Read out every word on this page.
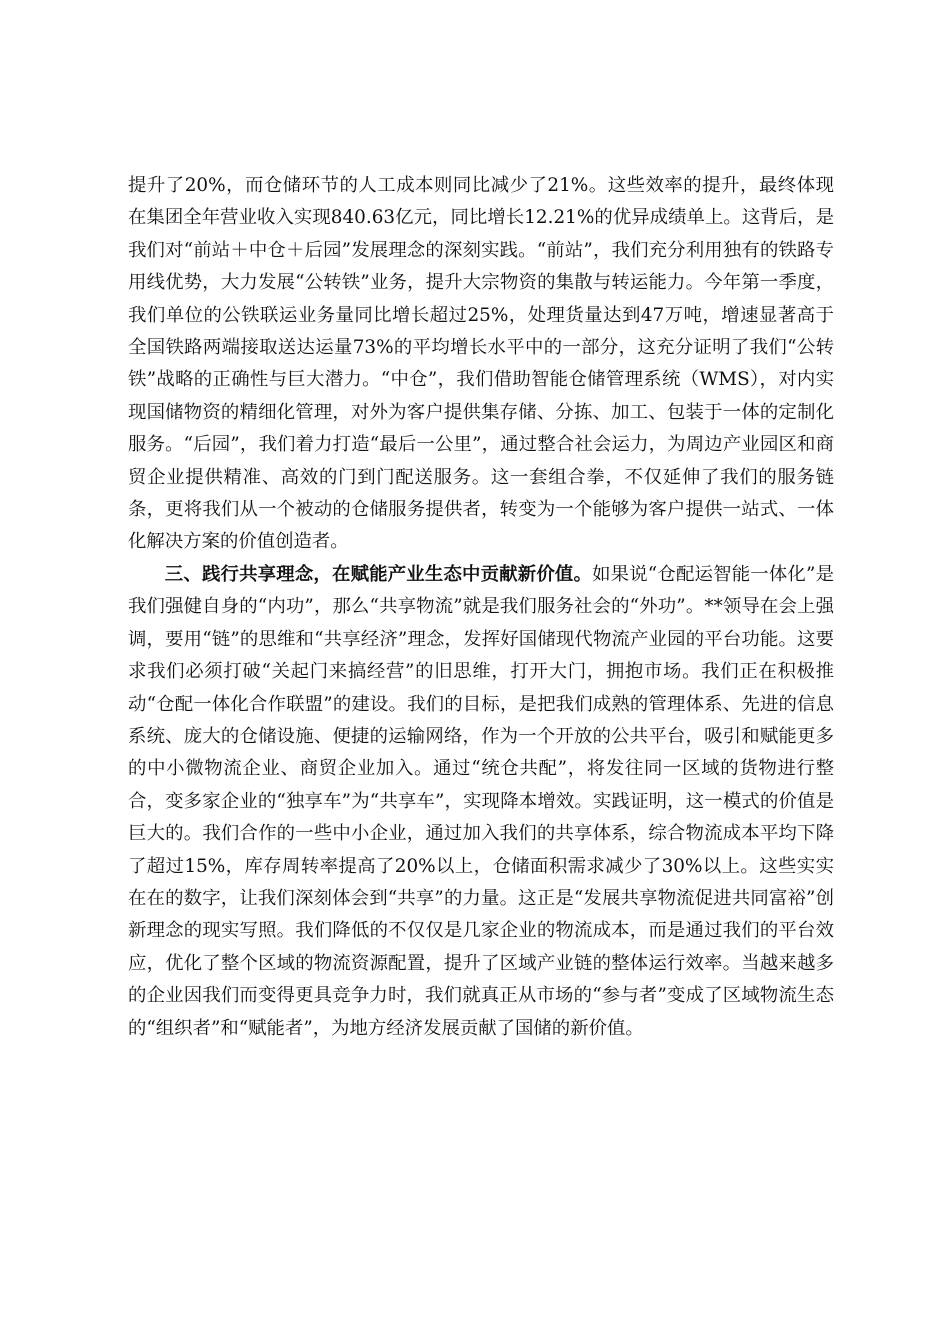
提升了20%，而仓储环节的人工成本则同比减少了21%。这些效率的提升，最终体现在集团全年营业收入实现840.63亿元，同比增长12.21%的优异成绩单上。这背后，是我们对“前站＋中仓＋后园”发展理念的深刻实践。“前站”，我们充分利用独有的铁路专用线优势，大力发展“公转铁”业务，提升大宗物资的集散与转运能力。今年第一季度，我们单位的公铁联运业务量同比增长超过25%，处理货量达到47万吨，增速显著高于全国铁路两端接取送达运量73%的平均增长水平中的一部分，这充分证明了我们“公转铁”战略的正确性与巨大潜力。“中仓”，我们借助智能仓储管理系统（WMS），对内实现国储物资的精细化管理，对外为客户提供集存储、分拣、加工、包装于一体的定制化服务。“后园”，我们着力打造“最后一公里”，通过整合社会运力，为周边产业园区和商贸企业提供精准、高效的门到门配送服务。这一套组合拳，不仅延伸了我们的服务链条，更将我们从一个被动的仓储服务提供者，转变为一个能够为客户提供一站式、一体化解决方案的价值创造者。

三、践行共享理念，在赋能产业生态中贡献新价值。如果说“仓配运智能一体化”是我们强健自身的“内功”，那么“共享物流”就是我们服务社会的“外功”。**领导在会上强调，要用“链”的思维和“共享经济”理念，发挥好国储现代物流产业园的平台功能。这要求我们必须打破“关起门来搞经营”的旧思维，打开大门，拥抱市场。我们正在积极推动“仓配一体化合作联盟”的建设。我们的目标，是把我们成熟的管理体系、先进的信息系统、庞大的仓储设施、便捷的运输网络，作为一个开放的公共平台，吸引和赋能更多的中小微物流企业、商贸企业加入。通过“统仓共配”，将发往同一区域的货物进行整合，变多家企业的“独享车”为“共享车”，实现降本增效。实践证明，这一模式的价值是巨大的。我们合作的一些中小企业，通过加入我们的共享体系，综合物流成本平均下降了超过15%，库存周转率提高了20%以上，仓储面积需求减少了30%以上。这些实实在在的数字，让我们深刻体会到“共享”的力量。这正是“发展共享物流促进共同富裕”创新理念的现实写照。我们降低的不仅仅是几家企业的物流成本，而是通过我们的平台效应，优化了整个区域的物流资源配置，提升了区域产业链的整体运行效率。当越来越多的企业因我们而变得更具竞争力时，我们就真正从市场的“参与者”变成了区域物流生态的“组织者”和“赋能者”，为地方经济发展贡献了国储的新价值。
